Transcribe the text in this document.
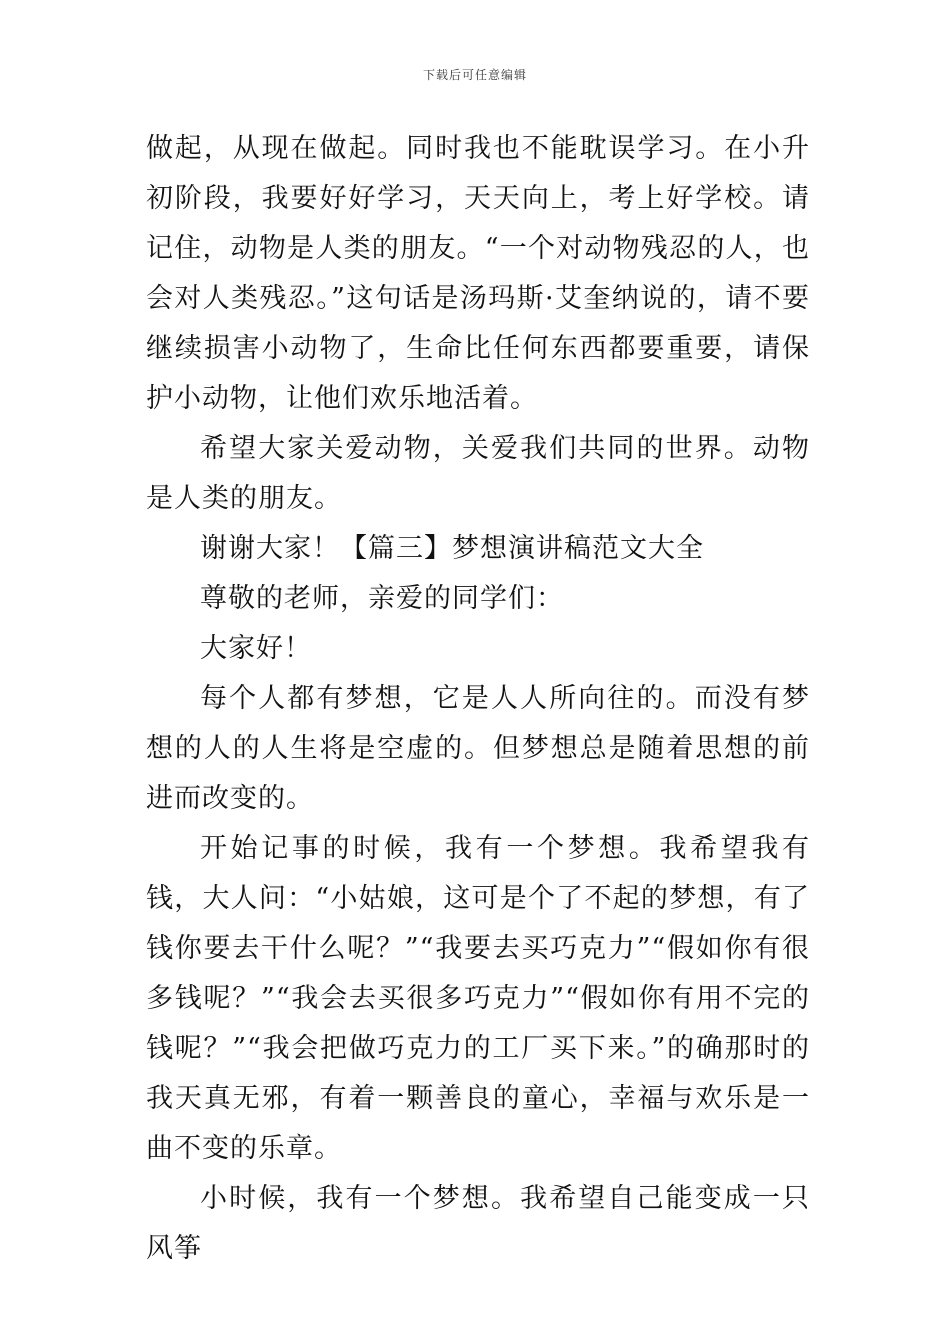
下载后可任意编辑

做起，从现在做起。同时我也不能耽误学习。在小升初阶段，我要好好学习，天天向上，考上好学校。请记住，动物是人类的朋友。“一个对动物残忍的人，也会对人类残忍。”这句话是汤玛斯·艾奎纳说的，请不要继续损害小动物了，生命比任何东西都要重要，请保护小动物，让他们欢乐地活着。

希望大家关爱动物，关爱我们共同的世界。动物是人类的朋友。

谢谢大家！【篇三】梦想演讲稿范文大全

尊敬的老师，亲爱的同学们：

大家好！

每个人都有梦想，它是人人所向往的。而没有梦想的人的人生将是空虚的。但梦想总是随着思想的前进而改变的。

开始记事的时候，我有一个梦想。我希望我有钱，大人问：“小姑娘，这可是个了不起的梦想，有了钱你要去干什么呢？”“我要去买巧克力”“假如你有很多钱呢？”“我会去买很多巧克力”“假如你有用不完的钱呢？”“我会把做巧克力的工厂买下来。”的确那时的我天真无邪，有着一颗善良的童心，幸福与欢乐是一曲不变的乐章。

小时候，我有一个梦想。我希望自己能变成一只风筝
